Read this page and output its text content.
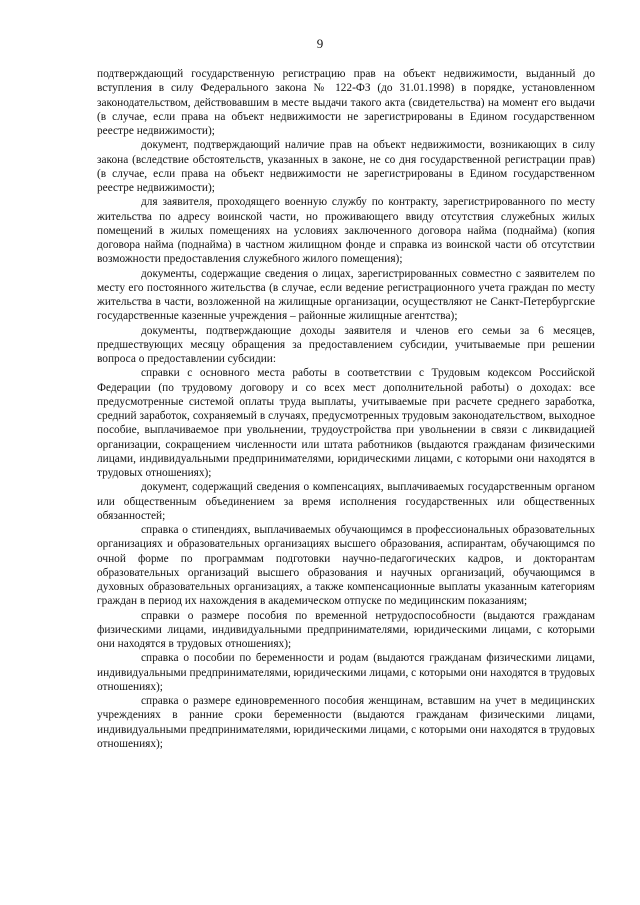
9

подтверждающий государственную регистрацию прав на объект недвижимости, выданный до вступления в силу Федерального закона № 122-ФЗ (до 31.01.1998) в порядке, установленном законодательством, действовавшим в месте выдачи такого акта (свидетельства) на момент его выдачи (в случае, если права на объект недвижимости не зарегистрированы в Едином государственном реестре недвижимости);

документ, подтверждающий наличие прав на объект недвижимости, возникающих в силу закона (вследствие обстоятельств, указанных в законе, не со дня государственной регистрации прав) (в случае, если права на объект недвижимости не зарегистрированы в Едином государственном реестре недвижимости);

для заявителя, проходящего военную службу по контракту, зарегистрированного по месту жительства по адресу воинской части, но проживающего ввиду отсутствия служебных жилых помещений в жилых помещениях на условиях заключенного договора найма (поднайма) (копия договора найма (поднайма) в частном жилищном фонде и справка из воинской части об отсутствии возможности предоставления служебного жилого помещения);

документы, содержащие сведения о лицах, зарегистрированных совместно с заявителем по месту его постоянного жительства (в случае, если ведение регистрационного учета граждан по месту жительства в части, возложенной на жилищные организации, осуществляют не Санкт-Петербургские государственные казенные учреждения – районные жилищные агентства);

документы, подтверждающие доходы заявителя и членов его семьи за 6 месяцев, предшествующих месяцу обращения за предоставлением субсидии, учитываемые при решении вопроса о предоставлении субсидии:

справки с основного места работы в соответствии с Трудовым кодексом Российской Федерации (по трудовому договору и со всех мест дополнительной работы) о доходах: все предусмотренные системой оплаты труда выплаты, учитываемые при расчете среднего заработка, средний заработок, сохраняемый в случаях, предусмотренных трудовым законодательством, выходное пособие, выплачиваемое при увольнении, трудоустройства при увольнении в связи с ликвидацией организации, сокращением численности или штата работников (выдаются гражданам физическими лицами, индивидуальными предпринимателями, юридическими лицами, с которыми они находятся в трудовых отношениях);

документ, содержащий сведения о компенсациях, выплачиваемых государственным органом или общественным объединением за время исполнения государственных или общественных обязанностей;

справка о стипендиях, выплачиваемых обучающимся в профессиональных образовательных организациях и образовательных организациях высшего образования, аспирантам, обучающимся по очной форме по программам подготовки научно-педагогических кадров, и докторантам образовательных организаций высшего образования и научных организаций, обучающимся в духовных образовательных организациях, а также компенсационные выплаты указанным категориям граждан в период их нахождения в академическом отпуске по медицинским показаниям;

справки о размере пособия по временной нетрудоспособности (выдаются гражданам физическими лицами, индивидуальными предпринимателями, юридическими лицами, с которыми они находятся в трудовых отношениях);

справка о пособии по беременности и родам (выдаются гражданам физическими лицами, индивидуальными предпринимателями, юридическими лицами, с которыми они находятся в трудовых отношениях);

справка о размере единовременного пособия женщинам, вставшим на учет в медицинских учреждениях в ранние сроки беременности (выдаются гражданам физическими лицами, индивидуальными предпринимателями, юридическими лицами, с которыми они находятся в трудовых отношениях);
